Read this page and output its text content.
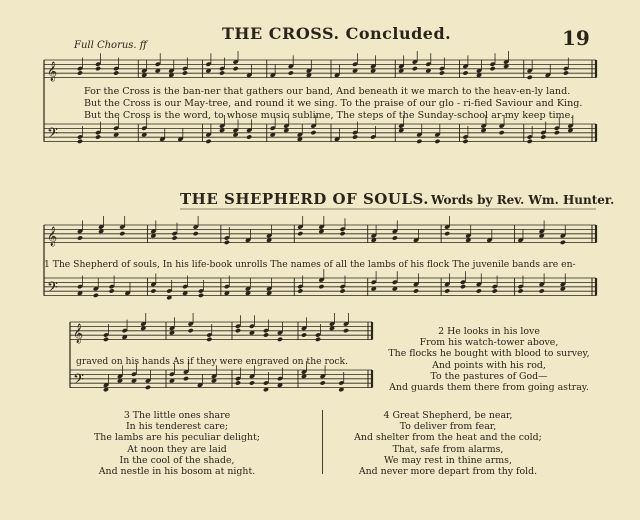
𝄞
𝄢
𝄞
𝄢
𝄞
𝄢
THE CROSS. Concluded.	19
Full Chorus. ff
For the Cross is the ban-ner that gathers our band, And beneath it we march to the heav-en-ly land.
But the Cross is our May-tree, and round it we sing. To the praise of our glo - ri-fied Saviour and King.
But the Cross is the word, to whose music sublime, The steps of the Sunday-school ar-my keep time.
THE SHEPHERD OF SOULS. Words by Rev. Wm. Hunter.
1 The Shepherd of souls, In his life-book unrolls The names of all the lambs of his flock The juvenile bands are en-
graved on his hands As if they were engraved on the rock.
2 He looks in his love
From his watch-tower above,
The flocks he bought with blood to survey,
And points with his rod,
To the pastures of God—
And guards them there from going astray.
3 The little ones share
In his tenderest care;
The lambs are his peculiar delight;
At noon they are laid
In the cool of the shade,
And nestle in his bosom at night.
4 Great Shepherd, be near,
To deliver from fear,
And shelter from the heat and the cold;
That, safe from alarms,
We may rest in thine arms,
And never more depart from thy fold.
